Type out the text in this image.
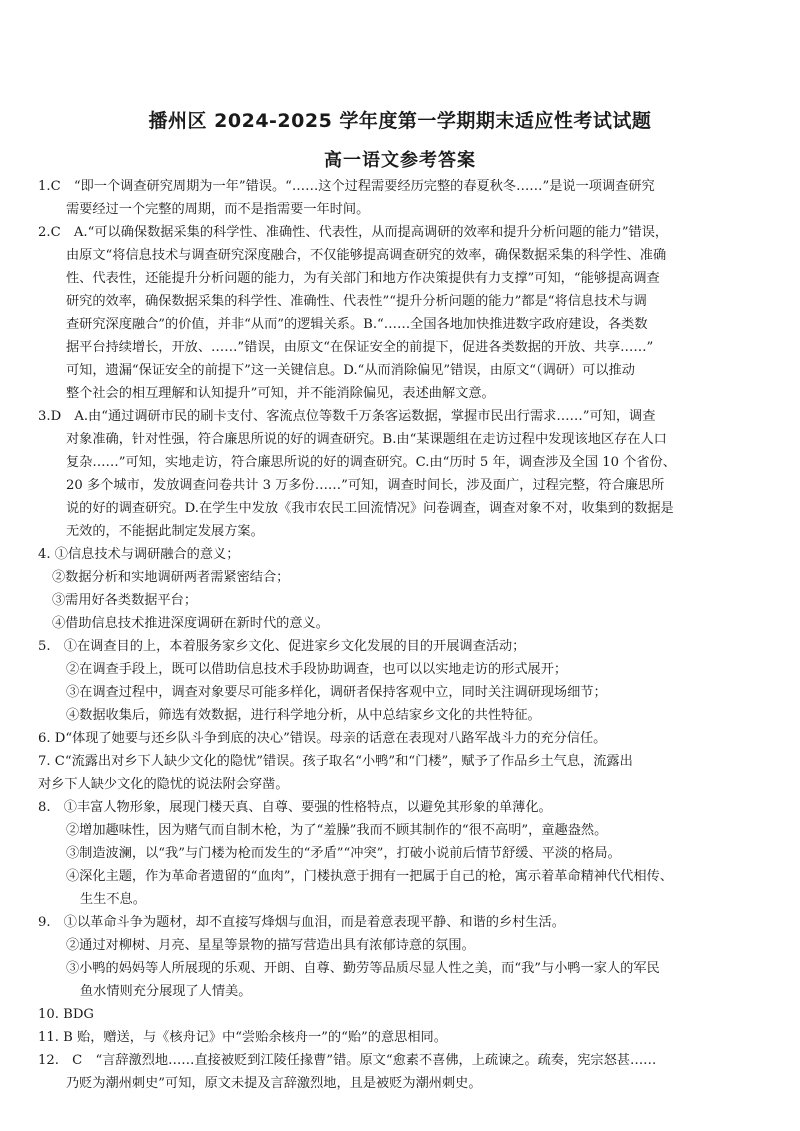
播州区 2024-2025 学年度第一学期期末适应性考试试题
高一语文参考答案
1.C　“即一个调查研究周期为一年”错误。“……这个过程需要经历完整的春夏秋冬……”是说一项调查研究
需要经过一个完整的周期，而不是指需要一年时间。
2.C　A.“可以确保数据采集的科学性、准确性、代表性，从而提高调研的效率和提升分析问题的能力”错误，
由原文“将信息技术与调查研究深度融合，不仅能够提高调查研究的效率，确保数据采集的科学性、准确
性、代表性，还能提升分析问题的能力，为有关部门和地方作决策提供有力支撑”可知，“能够提高调查
研究的效率，确保数据采集的科学性、准确性、代表性”“提升分析问题的能力”都是“将信息技术与调
查研究深度融合”的价值，并非“从而”的逻辑关系。B.“……全国各地加快推进数字政府建设，各类数
据平台持续增长，开放、……”错误，由原文“在保证安全的前提下，促进各类数据的开放、共享……”
可知，遗漏“保证安全的前提下”这一关键信息。D.“从而消除偏见”错误，由原文“（调研）可以推动
整个社会的相互理解和认知提升”可知，并不能消除偏见，表述曲解文意。
3.D　A.由“通过调研市民的刷卡支付、客流点位等数千万条客运数据，掌握市民出行需求……”可知，调查
对象准确，针对性强，符合廉思所说的好的调查研究。B.由“某课题组在走访过程中发现该地区存在人口
复杂……”可知，实地走访，符合廉思所说的好的调查研究。C.由“历时 5 年，调查涉及全国 10 个省份、
20 多个城市，发放调查问卷共计 3 万多份……”可知，调查时间长，涉及面广，过程完整，符合廉思所
说的好的调查研究。D.在学生中发放《我市农民工回流情况》问卷调查，调查对象不对，收集到的数据是
无效的，不能据此制定发展方案。
4. ①信息技术与调研融合的意义；
②数据分析和实地调研两者需紧密结合；
③需用好各类数据平台；
④借助信息技术推进深度调研在新时代的意义。
5.　①在调查目的上，本着服务家乡文化、促进家乡文化发展的目的开展调查活动；
②在调查手段上，既可以借助信息技术手段协助调查，也可以以实地走访的形式展开；
③在调查过程中，调查对象要尽可能多样化，调研者保持客观中立，同时关注调研现场细节；
④数据收集后，筛选有效数据，进行科学地分析，从中总结家乡文化的共性特征。
6. D“体现了她要与还乡队斗争到底的决心”错误。母亲的话意在表现对八路军战斗力的充分信任。
7. C“流露出对乡下人缺少文化的隐忧”错误。孩子取名“小鸭”和“门楼”，赋予了作品乡土气息，流露出
对乡下人缺少文化的隐忧的说法附会穿凿。
8.　①丰富人物形象，展现门楼天真、自尊、要强的性格特点，以避免其形象的单薄化。
②增加趣味性，因为赌气而自制木枪，为了“羞臊”我而不顾其制作的“很不高明”，童趣盎然。
③制造波澜，以“我”与门楼为枪而发生的“矛盾”“冲突”，打破小说前后情节舒缓、平淡的格局。
④深化主题，作为革命者遗留的“血肉”，门楼执意于拥有一把属于自己的枪，寓示着革命精神代代相传、
生生不息。
9.　①以革命斗争为题材，却不直接写烽烟与血泪，而是着意表现平静、和谐的乡村生活。
②通过对柳树、月亮、星星等景物的描写营造出具有浓郁诗意的氛围。
③小鸭的妈妈等人所展现的乐观、开朗、自尊、勤劳等品质尽显人性之美，而“我”与小鸭一家人的军民
鱼水情则充分展现了人情美。
10. BDG
11. B 贻，赠送，与《核舟记》中“尝贻余核舟一”的“贻”的意思相同。
12.　C　“言辞激烈地……直接被贬到江陵任掾曹”错。原文“愈素不喜佛，上疏谏之。疏奏，宪宗怒甚……
乃贬为潮州刺史”可知，原文未提及言辞激烈地，且是被贬为潮州刺史。
